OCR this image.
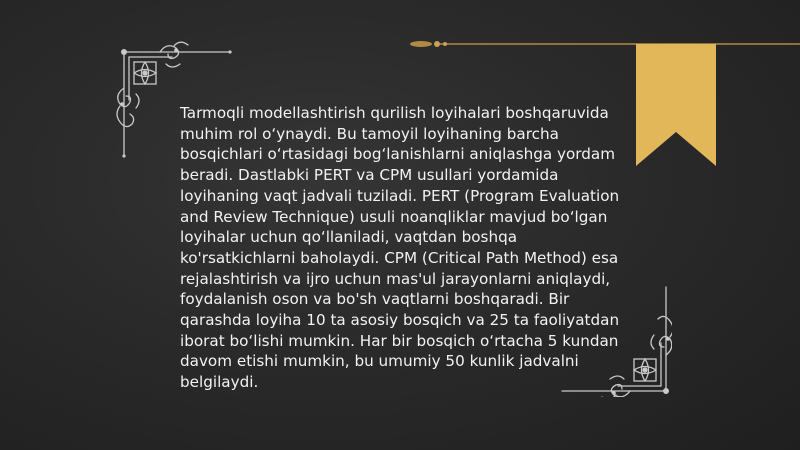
Tarmoqli modellashtirish qurilish loyihalari boshqaruvida muhim rol o‘ynaydi. Bu tamoyil loyihaning barcha bosqichlari o‘rtasidagi bog‘lanishlarni aniqlashga yordam beradi. Dastlabki PERT va CPM usullari yordamida loyihaning vaqt jadvali tuziladi. PERT (Program Evaluation and Review Technique) usuli noanqliklar mavjud bo‘lgan loyihalar uchun qo‘llaniladi, vaqtdan boshqa ko'rsatkichlarni baholaydi. CPM (Critical Path Method) esa rejalashtirish va ijro uchun mas'ul jarayonlarni aniqlaydi, foydalanish oson va bo'sh vaqtlarni boshqaradi. Bir qarashda loyiha 10 ta asosiy bosqich va 25 ta faoliyatdan iborat bo‘lishi mumkin. Har bir bosqich o‘rtacha 5 kundan davom etishi mumkin, bu umumiy 50 kunlik jadvalni belgilaydi.
